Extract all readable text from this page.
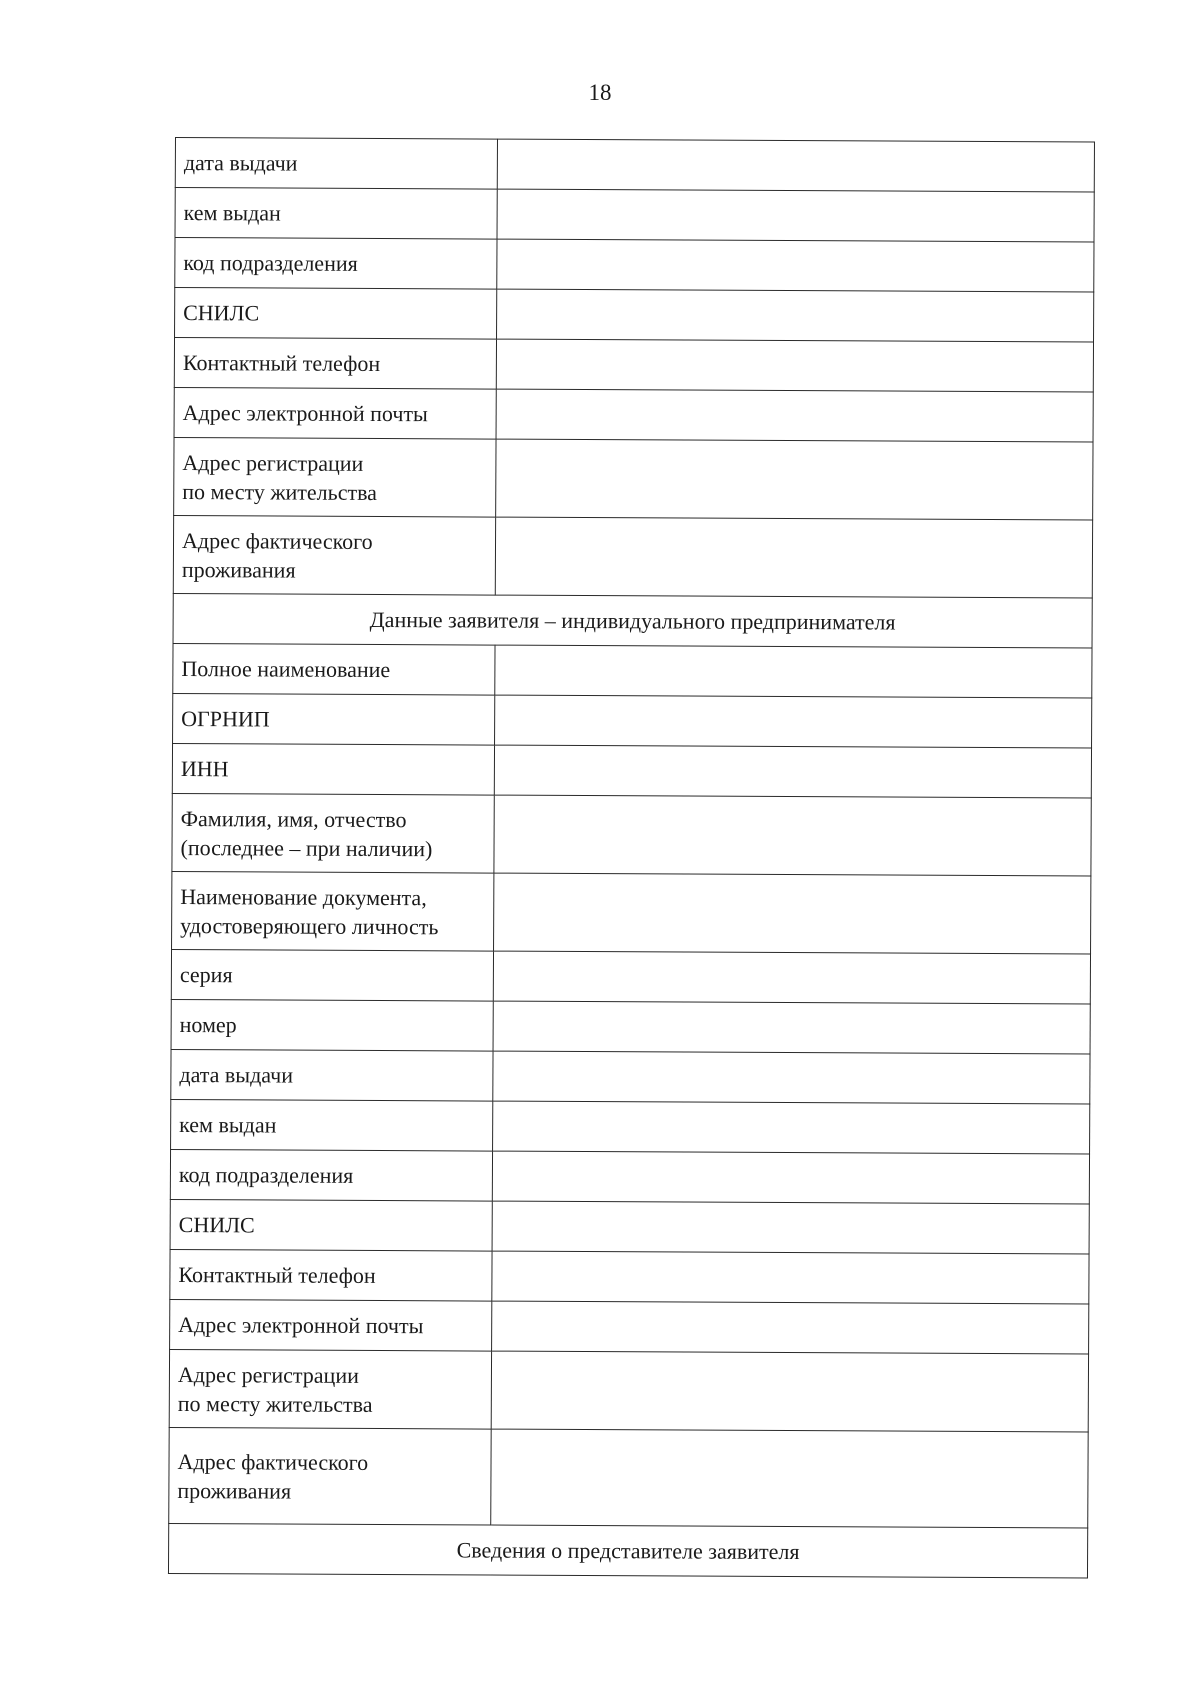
18
дата выдачи	
кем выдан	
код подразделения	
СНИЛС	
Контактный телефон	
Адрес электронной почты	

Адрес регистрации
по месту жительства	

Адрес фактического
проживания	

Данные заявителя – индивидуального предпринимателя	
Полное наименование	
ОГРНИП	
ИНН	

Фамилия, имя, отчество
(последнее – при наличии)	

Наименование документа,
удостоверяющего личность	

серия	
номер	
дата выдачи	
кем выдан	
код подразделения	
СНИЛС	
Контактный телефон	
Адрес электронной почты	

Адрес регистрации
по месту жительства	

Адрес фактического
проживания	

Сведения о представителе заявителя	
